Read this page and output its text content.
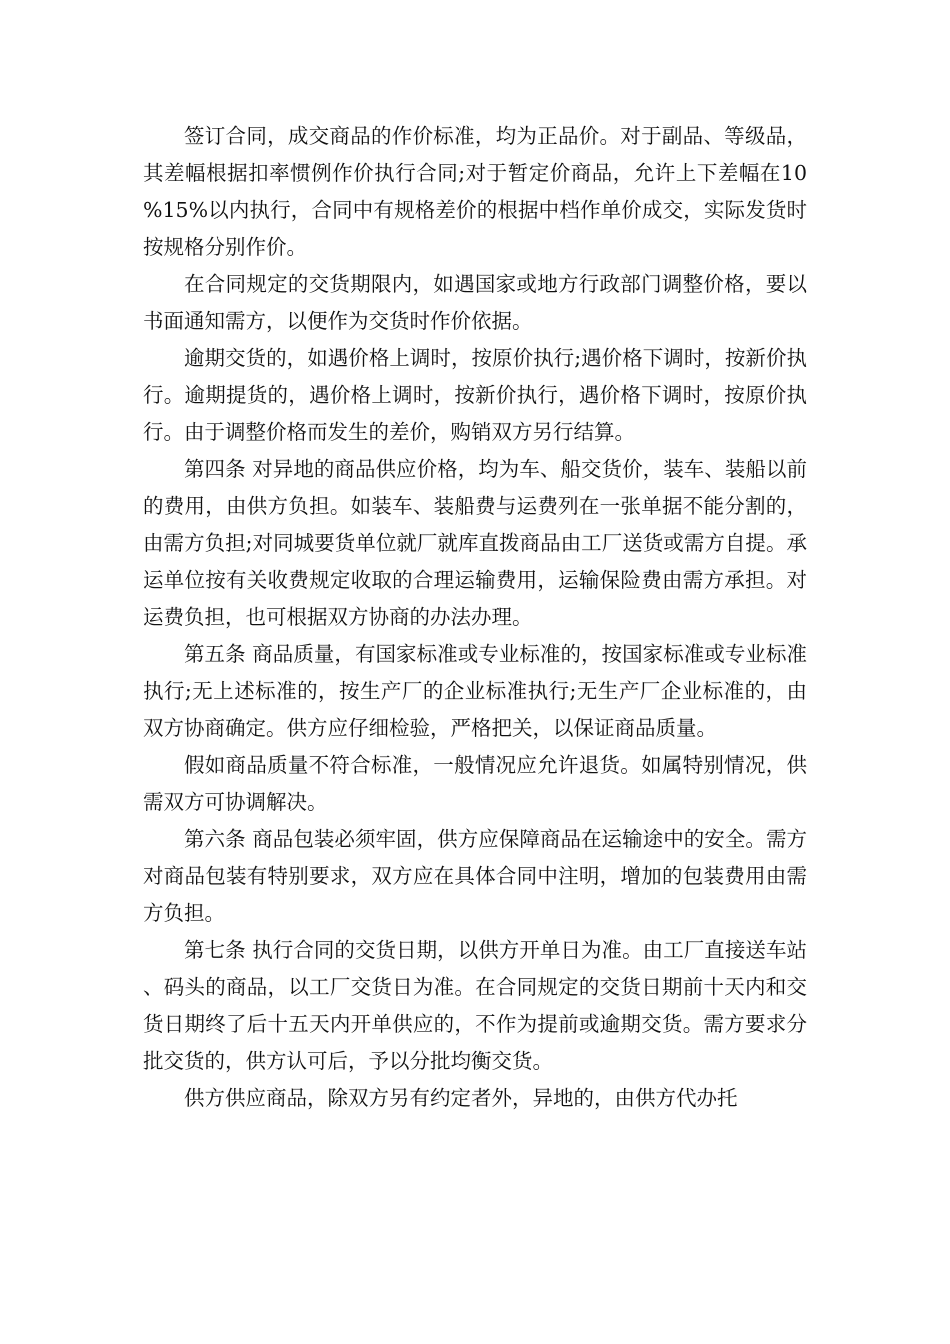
签订合同，成交商品的作价标准，均为正品价。对于副品、等级品，其差幅根据扣率惯例作价执行合同;对于暂定价商品，允许上下差幅在10%15%以内执行，合同中有规格差价的根据中档作单价成交，实际发货时按规格分别作价。

在合同规定的交货期限内，如遇国家或地方行政部门调整价格，要以书面通知需方，以便作为交货时作价依据。

逾期交货的，如遇价格上调时，按原价执行;遇价格下调时，按新价执行。逾期提货的，遇价格上调时，按新价执行，遇价格下调时，按原价执行。由于调整价格而发生的差价，购销双方另行结算。

第四条 对异地的商品供应价格，均为车、船交货价，装车、装船以前的费用，由供方负担。如装车、装船费与运费列在一张单据不能分割的，由需方负担;对同城要货单位就厂就库直拨商品由工厂送货或需方自提。承运单位按有关收费规定收取的合理运输费用，运输保险费由需方承担。对运费负担，也可根据双方协商的办法办理。

第五条 商品质量，有国家标准或专业标准的，按国家标准或专业标准执行;无上述标准的，按生产厂的企业标准执行;无生产厂企业标准的，由双方协商确定。供方应仔细检验，严格把关，以保证商品质量。

假如商品质量不符合标准，一般情况应允许退货。如属特别情况，供需双方可协调解决。

第六条 商品包装必须牢固，供方应保障商品在运输途中的安全。需方对商品包装有特别要求，双方应在具体合同中注明，增加的包装费用由需方负担。

第七条 执行合同的交货日期，以供方开单日为准。由工厂直接送车站、码头的商品，以工厂交货日为准。在合同规定的交货日期前十天内和交货日期终了后十五天内开单供应的，不作为提前或逾期交货。需方要求分批交货的，供方认可后，予以分批均衡交货。

供方供应商品，除双方另有约定者外，异地的，由供方代办托
